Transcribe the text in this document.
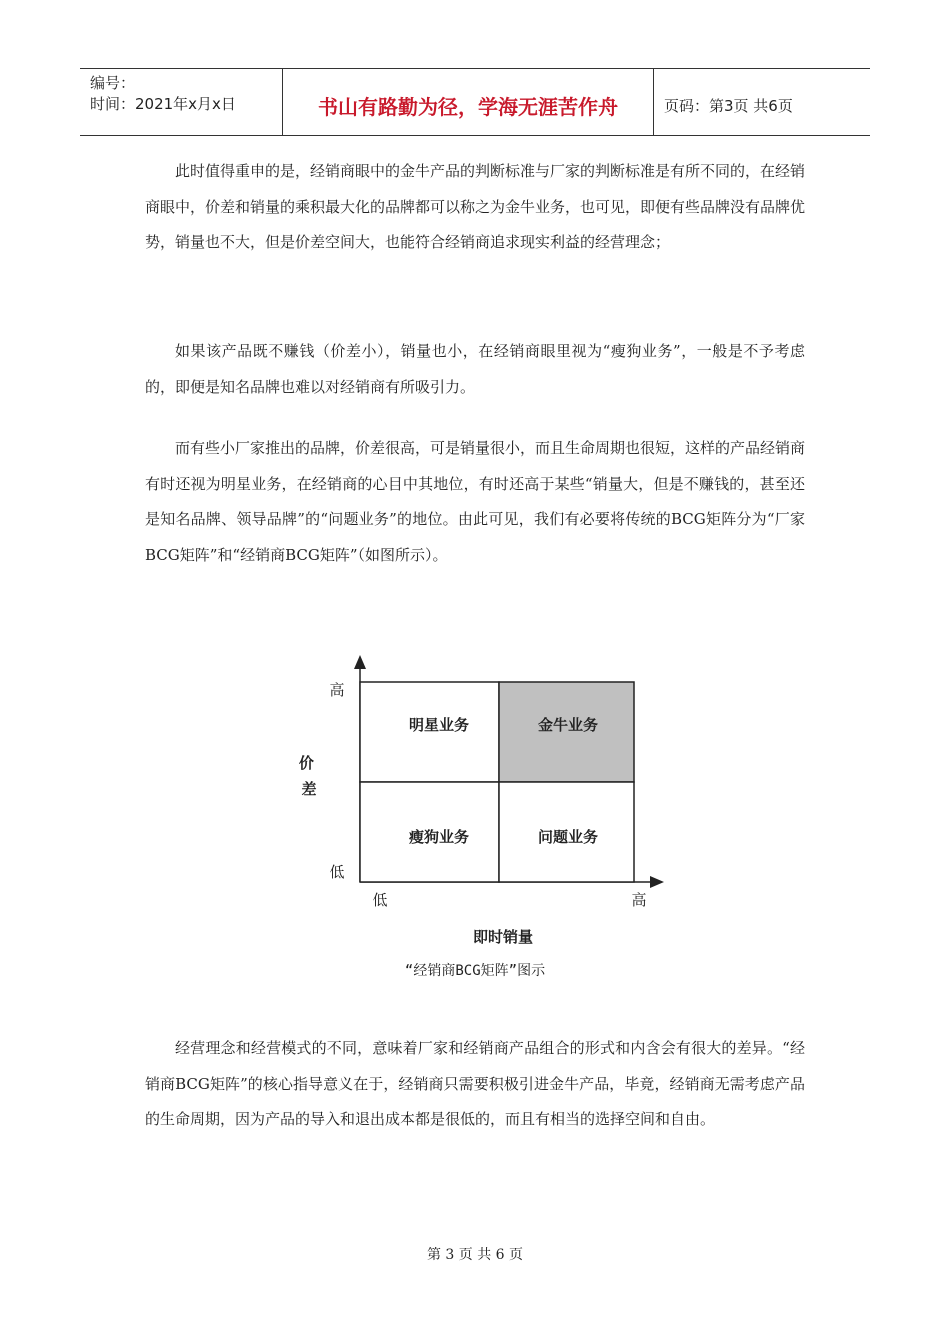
编号：
时间：2021年x月x日	书山有路勤为径，学海无涯苦作舟	页码：第3页 共6页
此时值得重申的是，经销商眼中的金牛产品的判断标准与厂家的判断标准是有所不同的，在经销商眼中，价差和销量的乘积最大化的品牌都可以称之为金牛业务，也可见，即便有些品牌没有品牌优势，销量也不大，但是价差空间大，也能符合经销商追求现实利益的经营理念；
如果该产品既不赚钱（价差小），销量也小，在经销商眼里视为“瘦狗业务”，一般是不予考虑的，即便是知名品牌也难以对经销商有所吸引力。
而有些小厂家推出的品牌，价差很高，可是销量很小，而且生命周期也很短，这样的产品经销商有时还视为明星业务，在经销商的心目中其地位，有时还高于某些“销量大，但是不赚钱的，甚至还是知名品牌、领导品牌”的“问题业务”的地位。由此可见，我们有必要将传统的BCG矩阵分为“厂家BCG矩阵”和“经销商BCG矩阵”（如图所示）。
明星业务	金牛业务
瘦狗业务	问题业务
高
低
价 差
低	高
即时销量
“经销商BCG矩阵”图示
经营理念和经营模式的不同，意味着厂家和经销商产品组合的形式和内含会有很大的差异。“经销商BCG矩阵”的核心指导意义在于，经销商只需要积极引进金牛产品，毕竟，经销商无需考虑产品的生命周期，因为产品的导入和退出成本都是很低的，而且有相当的选择空间和自由。
第 3 页 共 6 页
